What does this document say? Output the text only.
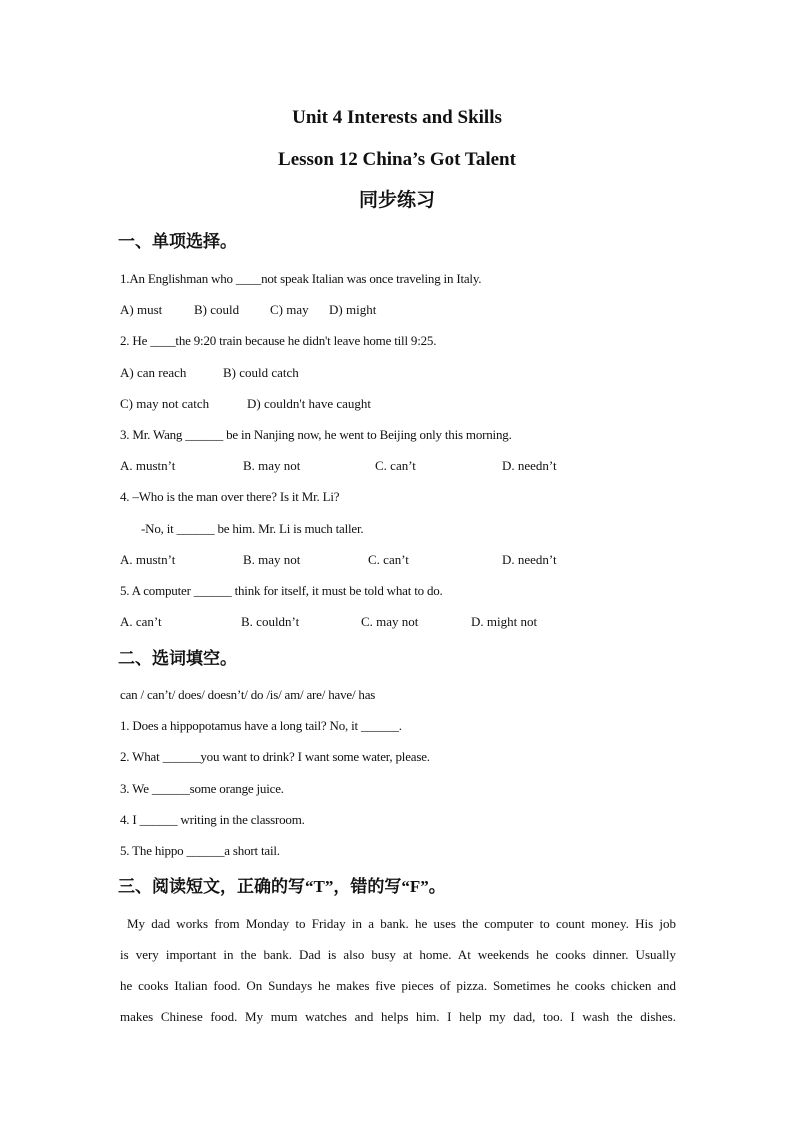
Unit 4 Interests and Skills
Lesson 12 China’s Got Talent
同步练习
一、单项选择。
1.An Englishman who ____not speak Italian was once traveling in Italy.
A) must B) could C) may D) might
2. He ____the 9:20 train because he didn't leave home till 9:25.
A) can reach	B) could catch
C) may not catch	D) couldn't have caught
3. Mr. Wang ______ be in Nanjing now, he went to Beijing only this morning.
A. mustn’t	B. may not	C. can’t	D. needn’t
4. –Who is the man over there? Is it Mr. Li?
-No, it ______ be him. Mr. Li is much taller.
A. mustn’t	B. may not	C. can’t	D. needn’t
5. A computer ______ think for itself, it must be told what to do.
A. can’t	B. couldn’t	C. may not	D. might not
二、选词填空。
can / can’t/ does/ doesn’t/ do /is/ am/ are/ have/ has
1. Does a hippopotamus have a long tail? No, it ______.
2. What ______you want to drink? I want some water, please.
3. We ______some orange juice.
4. I ______ writing in the classroom.
5. The hippo ______a short tail.
三、阅读短文，正确的写“T”，错的写“F”。
My dad works from Monday to Friday in a bank. he uses the computer to count money. His job
is very important in the bank. Dad is also busy at home. At weekends he cooks dinner. Usually
he cooks Italian food. On Sundays he makes five pieces of pizza. Sometimes he cooks chicken and
makes Chinese food. My mum watches and helps him. I help my dad, too. I wash the dishes.
